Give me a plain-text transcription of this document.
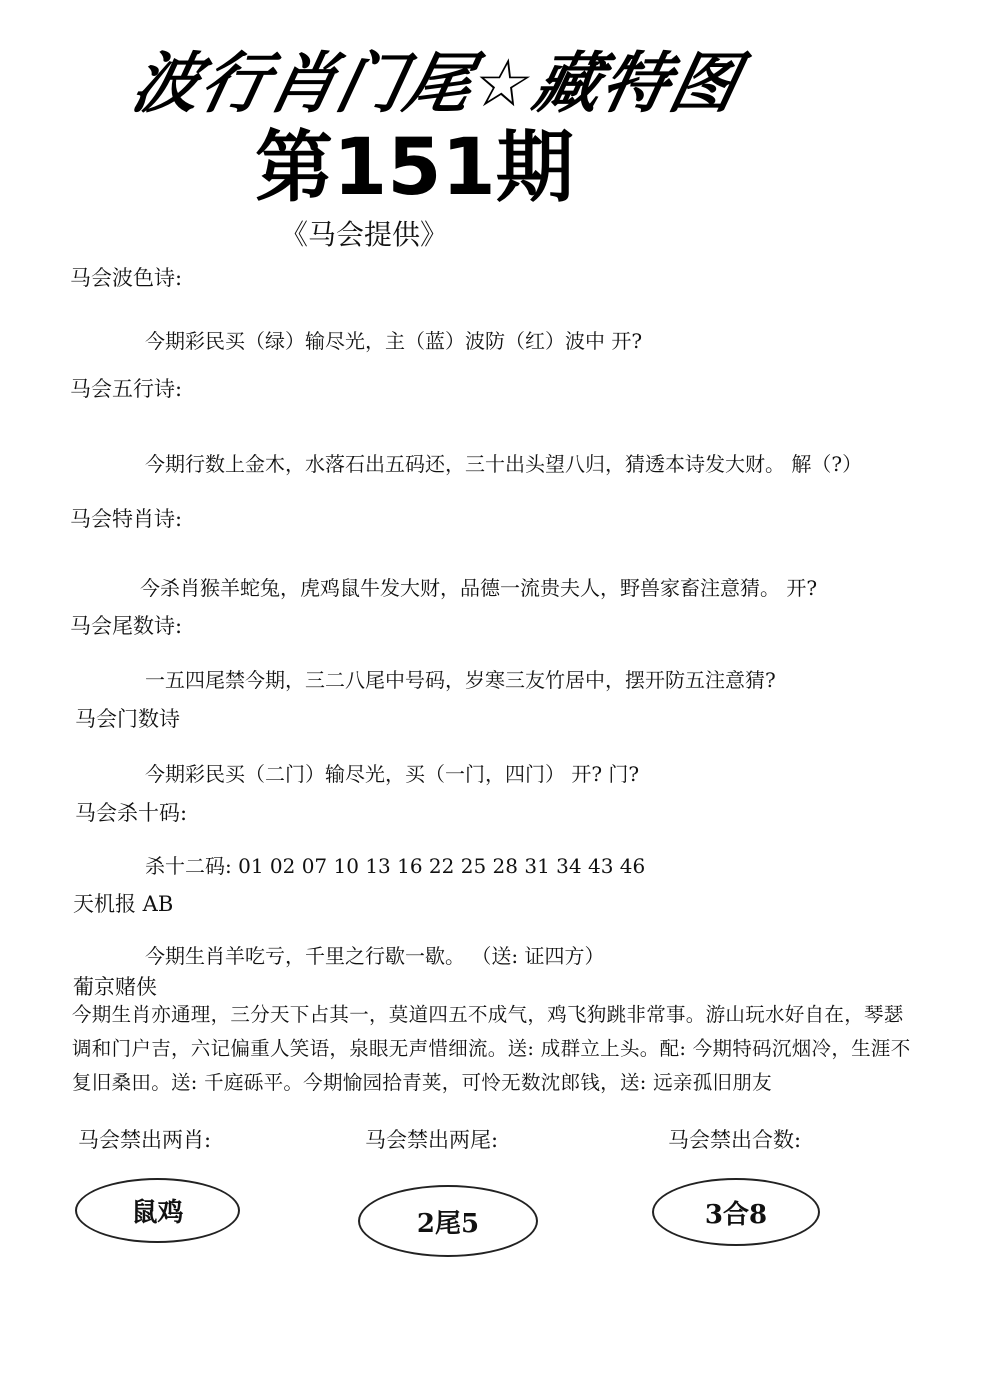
波行肖门尾☆藏特图
第151期
《马会提供》
马会波色诗:
今期彩民买（绿）输尽光，主（蓝）波防（红）波中 开?
马会五行诗:
今期行数上金木，水落石出五码还，三十出头望八归，猜透本诗发大财。 解（?）
马会特肖诗:
今杀肖猴羊蛇兔，虎鸡鼠牛发大财，品德一流贵夫人，野兽家畜注意猜。 开?
马会尾数诗:
一五四尾禁今期，三二八尾中号码，岁寒三友竹居中，摆开防五注意猜?
马会门数诗
今期彩民买（二门）输尽光，买（一门，四门） 开? 门?
马会杀十码:
杀十二码: 01 02 07 10 13 16 22 25 28 31 34 43 46
天机报 AB
今期生肖羊吃亏，千里之行歇一歇。 （送: 证四方）
葡京赌侠
今期生肖亦通理，三分天下占其一，莫道四五不成气，鸡飞狗跳非常事。游山玩水好自在，琴瑟调和门户吉，六记偏重人笑语，泉眼无声惜细流。送: 成群立上头。配: 今期特码沉烟冷，生涯不复旧桑田。送: 千庭砾平。今期愉园拾青荚，可怜无数沈郎钱，送: 远亲孤旧朋友
马会禁出两肖:	马会禁出两尾:	马会禁出合数:
鼠鸡	2尾5	3合8
